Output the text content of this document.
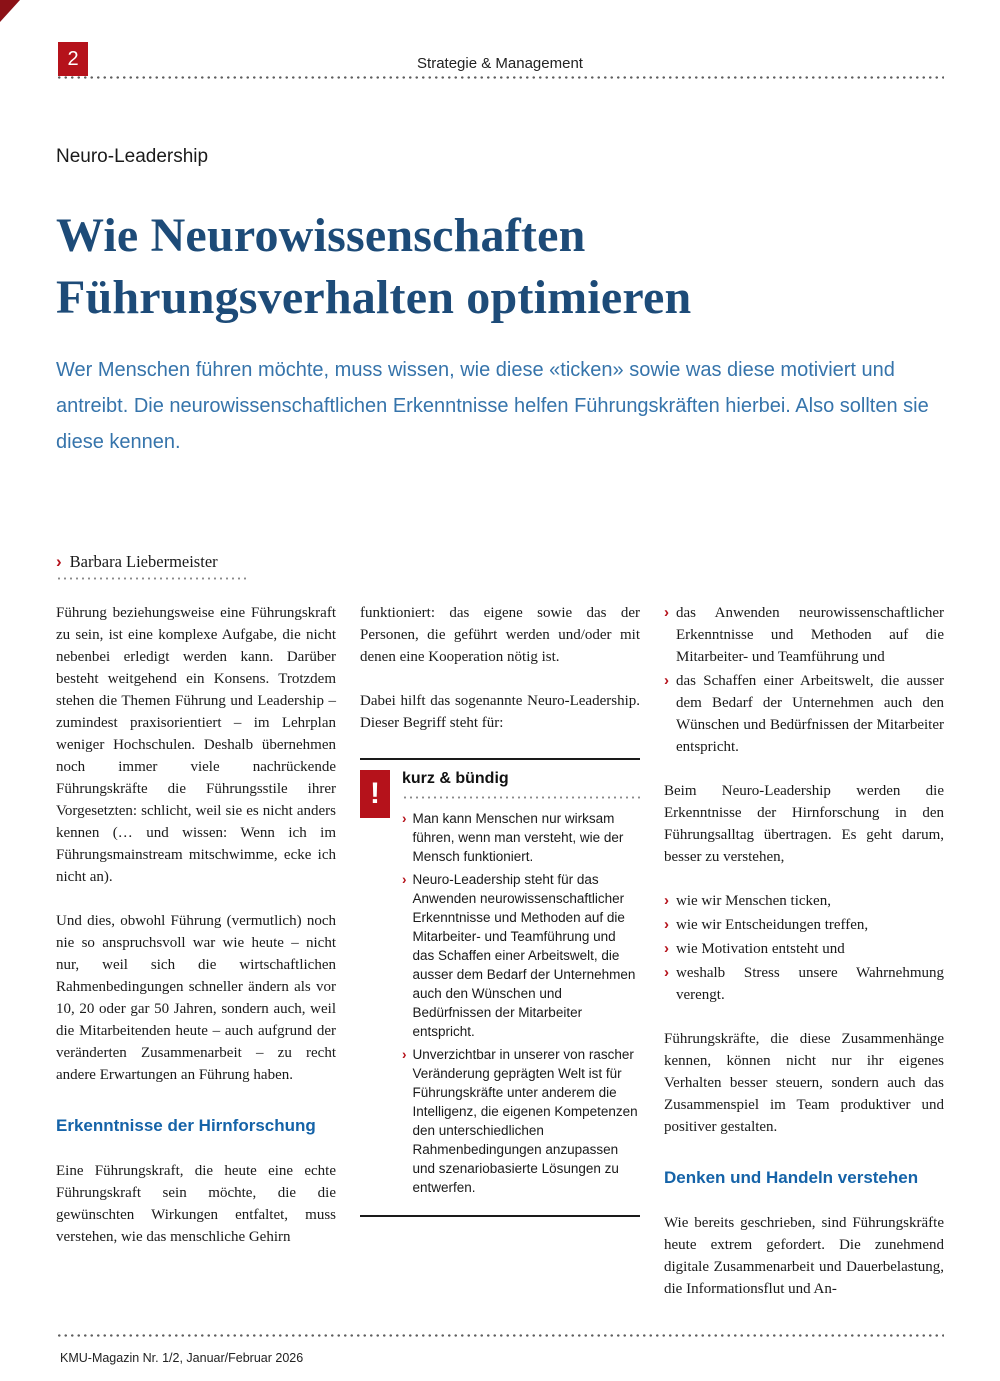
2	Strategie & Management
Neuro-Leadership
Wie Neurowissenschaften
Führungsverhalten optimieren

Wer Menschen führen möchte, muss wissen, wie diese «ticken» sowie was diese motiviert und antreibt. Die neurowissenschaftlichen Erkenntnisse helfen Führungskräften hierbei. Also sollten sie diese kennen.

› Barbara Liebermeister

Führung beziehungsweise eine Führungskraft zu sein, ist eine komplexe Aufgabe, die nicht nebenbei erledigt werden kann. Darüber besteht weitgehend ein Konsens. Trotzdem stehen die Themen Führung und Leadership – zumindest praxisorientiert – im Lehrplan weniger Hochschulen. Deshalb übernehmen noch immer viele nachrückende Führungskräfte die Führungsstile ihrer Vorgesetzten: schlicht, weil sie es nicht anders kennen (… und wissen: Wenn ich im Führungsmainstream mitschwimme, ecke ich nicht an).

Und dies, obwohl Führung (vermutlich) noch nie so anspruchsvoll war wie heute – nicht nur, weil sich die wirtschaftlichen Rahmenbedingungen schneller ändern als vor 10, 20 oder gar 50 Jahren, sondern auch, weil die Mitarbeitenden heute – auch aufgrund der veränderten Zusammenarbeit – zu recht andere Erwartungen an Führung haben.

Erkenntnisse der Hirnforschung

Eine Führungskraft, die heute eine echte Führungskraft sein möchte, die die gewünschten Wirkungen entfaltet, muss verstehen, wie das menschliche Gehirn

funktioniert: das eigene sowie das der Personen, die geführt werden und/oder mit denen eine Kooperation nötig ist.

Dabei hilft das sogenannte Neuro-Leadership. Dieser Begriff steht für:

! kurz & bündig
› Man kann Menschen nur wirksam führen, wenn man versteht, wie der Mensch funktioniert.
› Neuro-Leadership steht für das Anwenden neurowissenschaftlicher Erkenntnisse und Methoden auf die Mitarbeiter- und Teamführung und das Schaffen einer Arbeitswelt, die ausser dem Bedarf der Unternehmen auch den Wünschen und Bedürfnissen der Mitarbeiter entspricht.
› Unverzichtbar in unserer von rascher Veränderung geprägten Welt ist für Führungskräfte unter anderem die Intelligenz, die eigenen Kompetenzen den unterschiedlichen Rahmenbedingungen anzupassen und szenariobasierte Lösungen zu entwerfen.
› das Anwenden neurowissenschaftlicher Erkenntnisse und Methoden auf die Mitarbeiter- und Teamführung und
› das Schaffen einer Arbeitswelt, die ausser dem Bedarf der Unternehmen auch den Wünschen und Bedürfnissen der Mitarbeiter entspricht.

Beim Neuro-Leadership werden die Erkenntnisse der Hirnforschung in den Führungsalltag übertragen. Es geht darum, besser zu verstehen,

› wie wir Menschen ticken,
› wie wir Entscheidungen treffen,
› wie Motivation entsteht und
› weshalb Stress unsere Wahrnehmung verengt.

Führungskräfte, die diese Zusammenhänge kennen, können nicht nur ihr eigenes Verhalten besser steuern, sondern auch das Zusammenspiel im Team produktiver und positiver gestalten.

Denken und Handeln verstehen

Wie bereits geschrieben, sind Führungskräfte heute extrem gefordert. Die zunehmend digitale Zusammenarbeit und Dauerbelastung, die Informationsflut und An-

KMU-Magazin Nr. 1/2, Januar/Februar 2026
